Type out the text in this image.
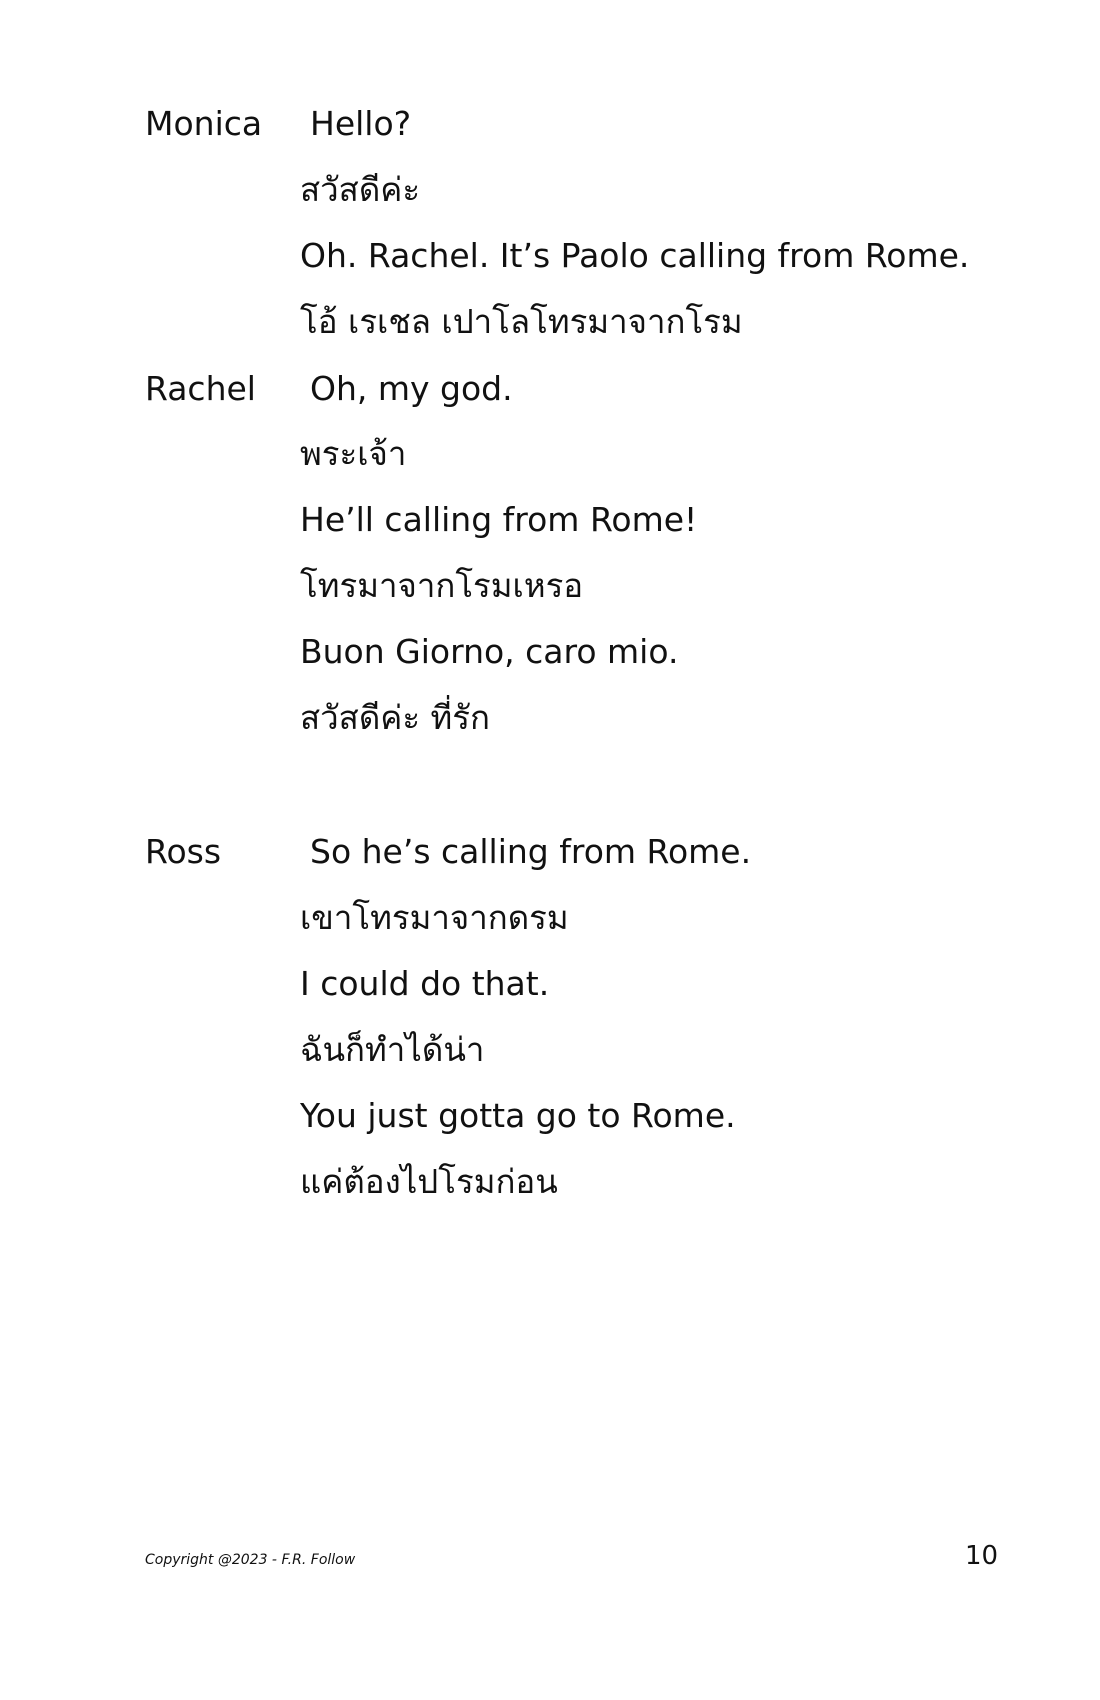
Monica Hello?
สวัสดีค่ะ
Oh. Rachel. It’s Paolo calling from Rome.
โอ้ เรเชล เปาโลโทรมาจากโรม
Rachel Oh, my god.
พระเจ้า
He’ll calling from Rome!
โทรมาจากโรมเหรอ
Buon Giorno, caro mio.
สวัสดีค่ะ ที่รัก
Ross	So he’s calling from Rome.
เขาโทรมาจากดรม
I could do that.
ฉันก็ทำได้น่า
You just gotta go to Rome.
แค่ต้องไปโรมก่อน
Copyright @2023 - F.R. Follow	10
